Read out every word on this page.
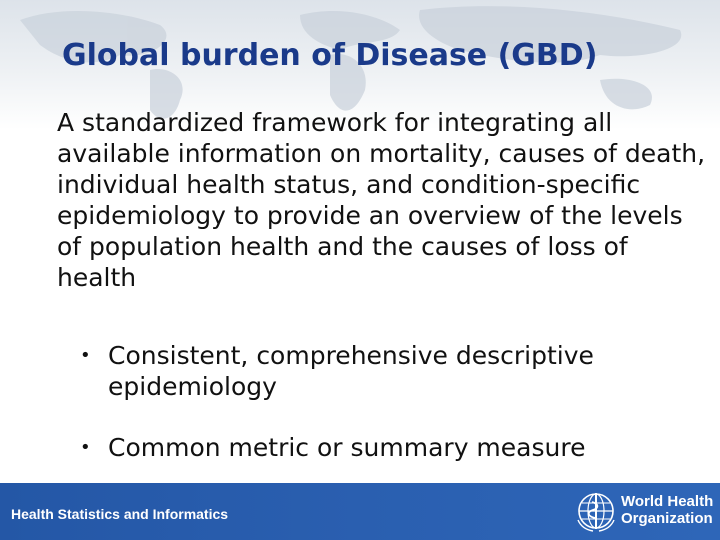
Global burden of Disease (GBD)

A standardized framework for integrating all available information on mortality, causes of death, individual health status, and condition-specific epidemiology to provide an overview of the levels of population health and the causes of loss of health

• Consistent, comprehensive descriptive epidemiology
• Common metric or summary measure
Health Statistics and Informatics
World Health
Organization
